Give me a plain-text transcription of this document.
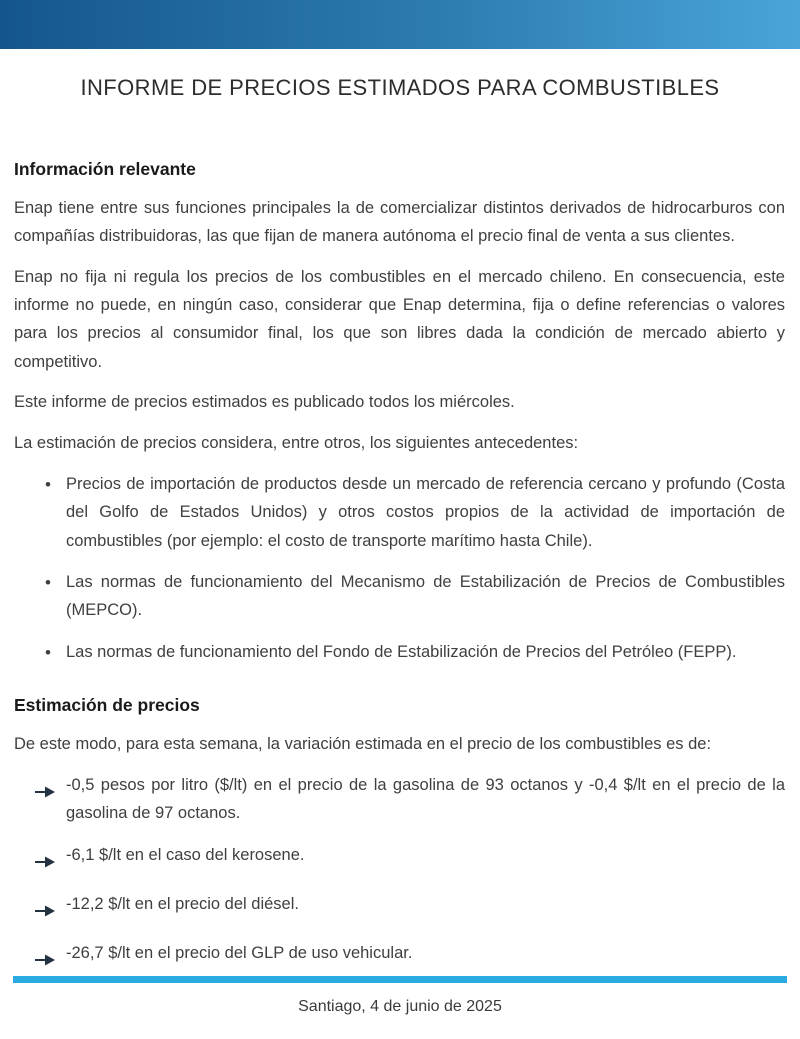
INFORME DE PRECIOS ESTIMADOS PARA COMBUSTIBLES
Información relevante

Enap tiene entre sus funciones principales la de comercializar distintos derivados de hidrocarburos con compañías distribuidoras, las que fijan de manera autónoma el precio final de venta a sus clientes.

Enap no fija ni regula los precios de los combustibles en el mercado chileno. En consecuencia, este informe no puede, en ningún caso, considerar que Enap determina, fija o define referencias o valores para los precios al consumidor final, los que son libres dada la condición de mercado abierto y competitivo.

Este informe de precios estimados es publicado todos los miércoles.

La estimación de precios considera, entre otros, los siguientes antecedentes:

• Precios de importación de productos desde un mercado de referencia cercano y profundo (Costa del Golfo de Estados Unidos) y otros costos propios de la actividad de importación de combustibles (por ejemplo: el costo de transporte marítimo hasta Chile).
• Las normas de funcionamiento del Mecanismo de Estabilización de Precios de Combustibles (MEPCO).
• Las normas de funcionamiento del Fondo de Estabilización de Precios del Petróleo (FEPP).
Estimación de precios

De este modo, para esta semana, la variación estimada en el precio de los combustibles es de:

-0,5 pesos por litro ($/lt) en el precio de la gasolina de 93 octanos y -0,4 $/lt en el precio de la gasolina de 97 octanos.
-6,1 $/lt en el caso del kerosene.
-12,2 $/lt en el precio del diésel.
-26,7 $/lt en el precio del GLP de uso vehicular.

Santiago, 4 de junio de 2025
